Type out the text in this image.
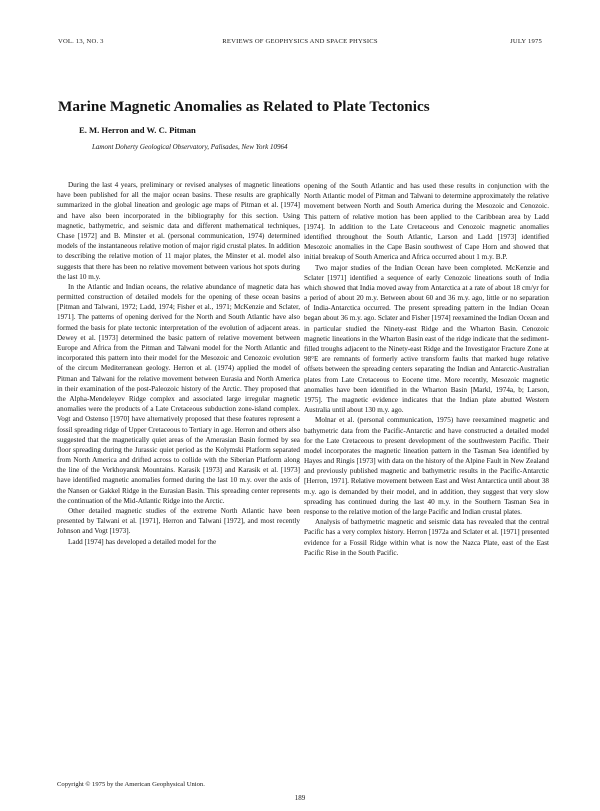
VOL. 13, NO. 3	REVIEWS OF GEOPHYSICS AND SPACE PHYSICS	JULY 1975
Marine Magnetic Anomalies as Related to Plate Tectonics
E. M. Herron and W. C. Pitman
Lamont Doherty Geological Observatory, Palisades, New York 10964

During the last 4 years, preliminary or revised analyses of magnetic lineations have been published for all the major ocean basins. These results are graphically summarized in the global lineation and geologic age maps of Pitman et al. [1974] and have also been incorporated in the bibliography for this section. Using magnetic, bathymetric, and seismic data and different mathematical techniques, Chase [1972] and B. Minster et al. (personal communication, 1974) determined models of the instantaneous relative motion of major rigid crustal plates. In addition to describing the relative motion of 11 major plates, the Minster et al. model also suggests that there has been no relative movement between various hot spots during the last 10 m.y.

In the Atlantic and Indian oceans, the relative abundance of magnetic data has permitted construction of detailed models for the opening of these ocean basins [Pitman and Talwani, 1972; Ladd, 1974; Fisher et al., 1971; McKenzie and Sclater, 1971]. The patterns of opening derived for the North and South Atlantic have also formed the basis for plate tectonic interpretation of the evolution of adjacent areas. Dewey et al. [1973] determined the basic pattern of relative movement between Europe and Africa from the Pitman and Talwani model for the North Atlantic and incorporated this pattern into their model for the Mesozoic and Cenozoic evolution of the circum Mediterranean geology. Herron et al. (1974) applied the model of Pitman and Talwani for the relative movement between Eurasia and North America in their examination of the post-Paleozoic history of the Arctic. They proposed that the Alpha-Mendeleyev Ridge complex and associated large irregular magnetic anomalies were the products of a Late Cretaceous subduction zone-island complex. Vogt and Ostenso [1970] have alternatively proposed that these features represent a fossil spreading ridge of Upper Cretaceous to Tertiary in age. Herron and others also suggested that the magnetically quiet areas of the Amerasian Basin formed by sea floor spreading during the Jurassic quiet period as the Kolymski Platform separated from North America and drifted across to collide with the Siberian Platform along the line of the Verkhoyansk Mountains. Karasik [1973] and Karasik et al. [1973] have identified magnetic anomalies formed during the last 10 m.y. over the axis of the Nansen or Gakkel Ridge in the Eurasian Basin. This spreading center represents the continuation of the Mid-Atlantic Ridge into the Arctic.

Other detailed magnetic studies of the extreme North Atlantic have been presented by Talwani et al. [1971], Herron and Talwani [1972], and most recently Johnson and Vogt [1973].

Ladd [1974] has developed a detailed model for the

opening of the South Atlantic and has used these results in conjunction with the North Atlantic model of Pitman and Talwani to determine approximately the relative movement between North and South America during the Mesozoic and Cenozoic. This pattern of relative motion has been applied to the Caribbean area by Ladd [1974]. In addition to the Late Cretaceous and Cenozoic magnetic anomalies identified throughout the South Atlantic, Larson and Ladd [1973] identified Mesozoic anomalies in the Cape Basin southwest of Cape Horn and showed that initial breakup of South America and Africa occurred about 1 m.y. B.P.

Two major studies of the Indian Ocean have been completed. McKenzie and Sclater [1971] identified a sequence of early Cenozoic lineations south of India which showed that India moved away from Antarctica at a rate of about 18 cm/yr for a period of about 20 m.y. Between about 60 and 36 m.y. ago, little or no separation of India-Antarctica occurred. The present spreading pattern in the Indian Ocean began about 36 m.y. ago. Sclater and Fisher [1974] reexamined the Indian Ocean and in particular studied the Ninety-east Ridge and the Wharton Basin. Cenozoic magnetic lineations in the Wharton Basin east of the ridge indicate that the sediment-filled troughs adjacent to the Ninety-east Ridge and the Investigator Fracture Zone at 98°E are remnants of formerly active transform faults that marked huge relative offsets between the spreading centers separating the Indian and Antarctic-Australian plates from Late Cretaceous to Eocene time. More recently, Mesozoic magnetic anomalies have been identified in the Wharton Basin [Markl, 1974a, b; Larson, 1975]. The magnetic evidence indicates that the Indian plate abutted Western Australia until about 130 m.y. ago.

Molnar et al. (personal communication, 1975) have reexamined magnetic and bathymetric data from the Pacific-Antarctic and have constructed a detailed model for the Late Cretaceous to present development of the southwestern Pacific. Their model incorporates the magnetic lineation pattern in the Tasman Sea identified by Hayes and Ringis [1973] with data on the history of the Alpine Fault in New Zealand and previously published magnetic and bathymetric results in the Pacific-Antarctic [Herron, 1971]. Relative movement between East and West Antarctica until about 38 m.y. ago is demanded by their model, and in addition, they suggest that very slow spreading has continued during the last 40 m.y. in the Southern Tasman Sea in response to the relative motion of the large Pacific and Indian crustal plates.

Analysis of bathymetric magnetic and seismic data has revealed that the central Pacific has a very complex history. Herron [1972a and Sclater et al. [1971] presented evidence for a Fossil Ridge within what is now the Nazca Plate, east of the East Pacific Rise in the South Pacific.

Copyright © 1975 by the American Geophysical Union.
189
